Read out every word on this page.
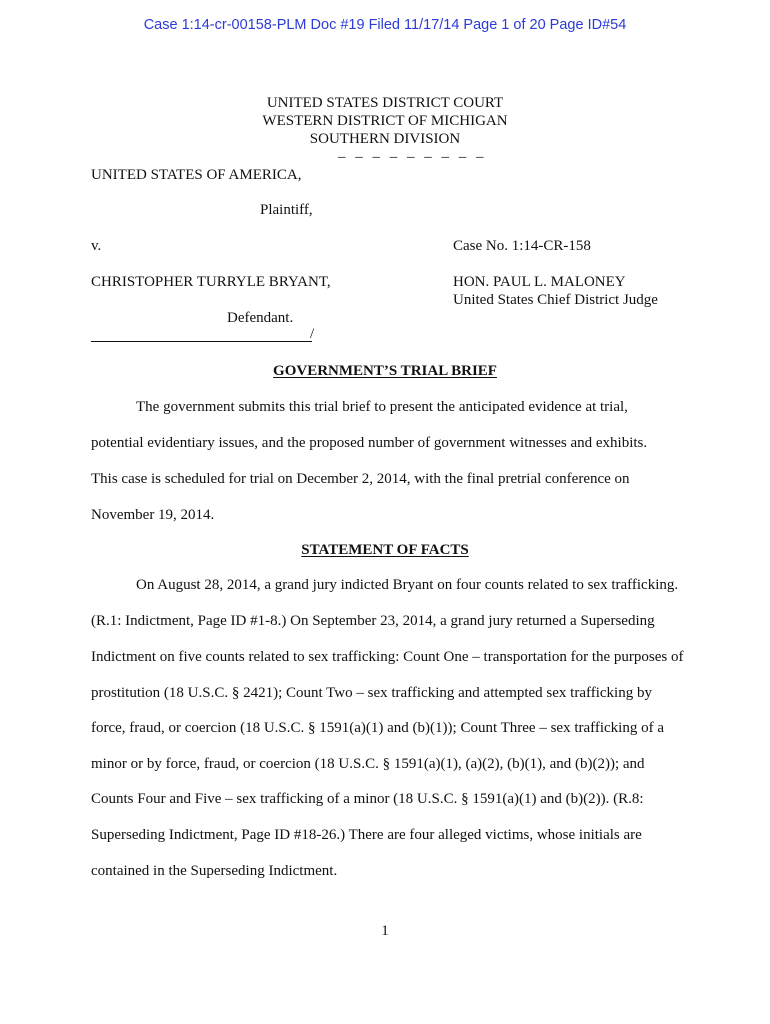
Case 1:14-cr-00158-PLM Doc #19 Filed 11/17/14 Page 1 of 20 Page ID#54
UNITED STATES DISTRICT COURT
WESTERN DISTRICT OF MICHIGAN
SOUTHERN DIVISION
– – – – – – – – –
UNITED STATES OF AMERICA,
Plaintiff,
v.	Case No. 1:14-CR-158
CHRISTOPHER TURRYLE BRYANT,	HON. PAUL L. MALONEY
United States Chief District Judge
Defendant.
/
GOVERNMENT’S TRIAL BRIEF
The government submits this trial brief to present the anticipated evidence at trial,
potential evidentiary issues, and the proposed number of government witnesses and exhibits.
This case is scheduled for trial on December 2, 2014, with the final pretrial conference on
November 19, 2014.
STATEMENT OF FACTS
On August 28, 2014, a grand jury indicted Bryant on four counts related to sex trafficking.
(R.1: Indictment, Page ID #1-8.) On September 23, 2014, a grand jury returned a Superseding
Indictment on five counts related to sex trafficking: Count One – transportation for the purposes of
prostitution (18 U.S.C. § 2421); Count Two – sex trafficking and attempted sex trafficking by
force, fraud, or coercion (18 U.S.C. § 1591(a)(1) and (b)(1)); Count Three – sex trafficking of a
minor or by force, fraud, or coercion (18 U.S.C. § 1591(a)(1), (a)(2), (b)(1), and (b)(2)); and
Counts Four and Five – sex trafficking of a minor (18 U.S.C. § 1591(a)(1) and (b)(2)). (R.8:
Superseding Indictment, Page ID #18-26.) There are four alleged victims, whose initials are
contained in the Superseding Indictment.
1
